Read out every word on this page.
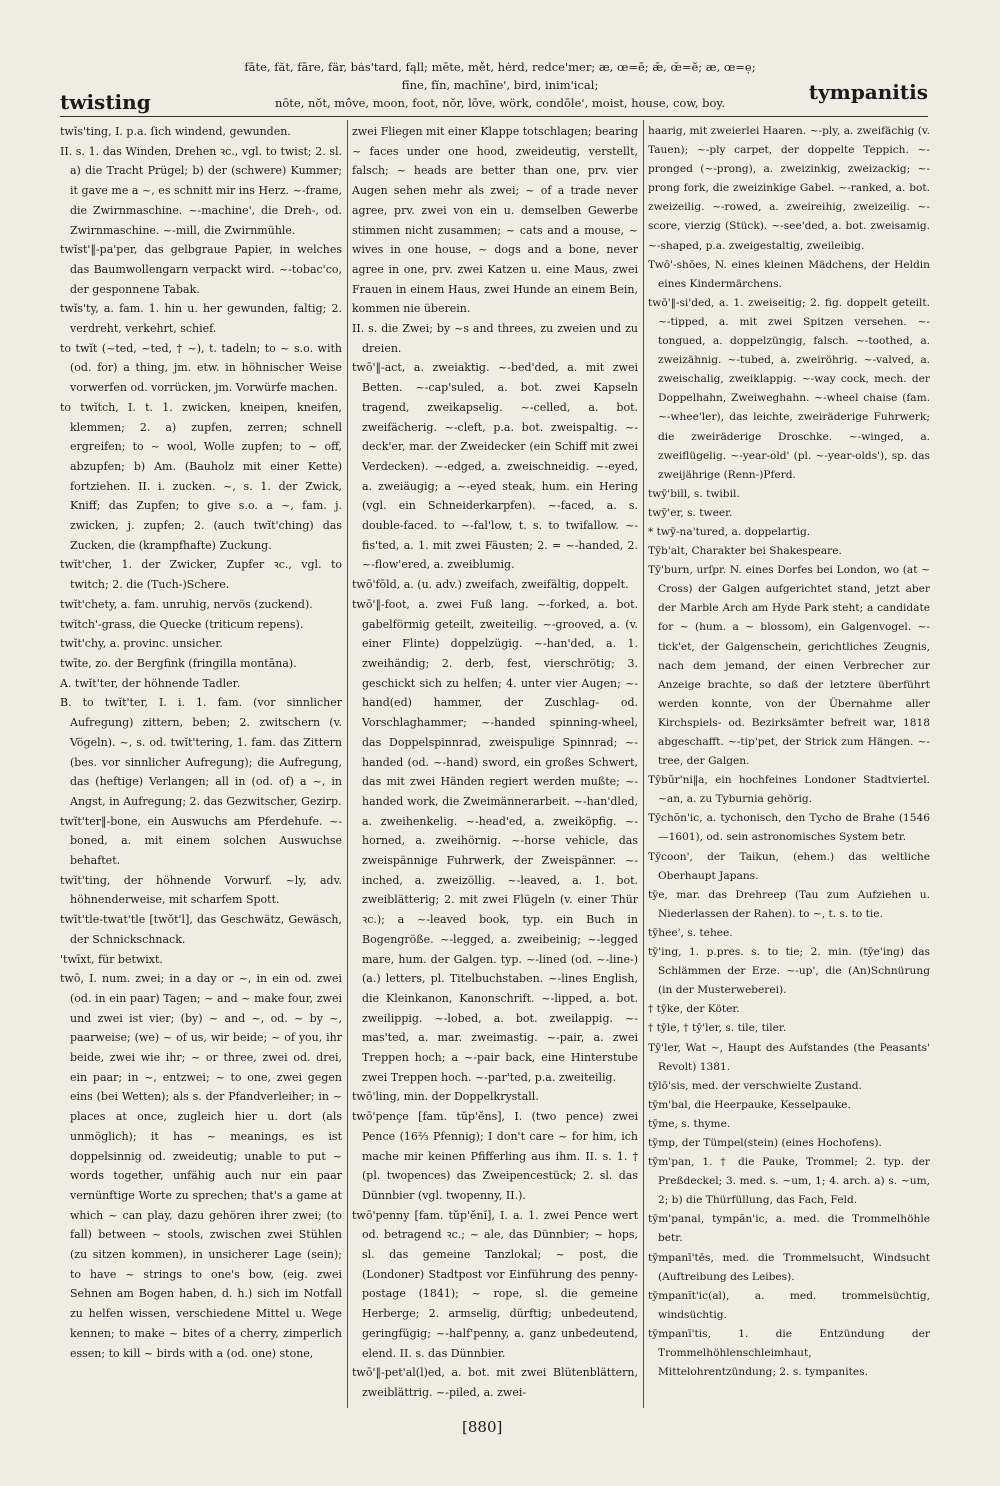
twisting
fāte, făt, fāre, fär, bȧs'tard, fąll; mēte, mět, hėrd, redce'mer; æ, œ=ē; æ̆, œ̆=ĕ; æ, œ=ẹ;
fīne, fĭn, machīne', bird, inim'ical;
nōte, nŏt, môve, moon, foot, nŏr, lōve, wörk, condōle', moist, house, cow, boy.	tympanitis

twĭs'ting, I. p.a. ſich windend, gewunden.

II. s. 1. das Winden, Drehen ꝛc., vgl. to twist; 2. sl. a) die Tracht Prügel; b) der (schwere) Kummer; it gave me a ~, es schnitt mir ins Herz. ~-frame, die Zwirnmaschine. ~-machine', die Dreh-, od. Zwirnmaschine. ~-mill, die Zwirnmühle.

twĭst'‖-pa'per, das gelbgraue Papier, in welches das Baumwollengarn verpackt wird. ~-tobac'co, der gesponnene Tabak.

twĭs'ty, a. fam. 1. hin u. her gewunden, faltig; 2. verdreht, verkehrt, schief.

to twĭt (~ted, ~ted, † ~), t. tadeln; to ~ s.o. with (od. for) a thing, jm. etw. in höhnischer Weise vorwerfen od. vorrücken, jm. Vorwürfe machen.

to twĭtch, I. t. 1. zwicken, kneipen, kneifen, klemmen; 2. a) zupfen, zerren; schnell ergreifen; to ~ wool, Wolle zupfen; to ~ off, abzupfen; b) Am. (Bauholz mit einer Kette) fortziehen. II. i. zucken. ~, s. 1. der Zwick, Kniff; das Zupfen; to give s.o. a ~, fam. j. zwicken, j. zupfen; 2. (auch twĭt'ching) das Zucken, die (krampfhafte) Zuckung.

twĭt'cher, 1. der Zwicker, Zupfer ꝛc., vgl. to twitch; 2. die (Tuch-)Schere.

twĭt'chety, a. fam. unruhig, nervös (zuckend).

twĭtch'-grass, die Quecke (triticum repens).

twĭt'chy, a. provinc. unsicher.

twīte, zo. der Bergfink (fringilla montāna).

A. twĭt'ter, der höhnende Tadler.

B. to twĭt'ter, I. i. 1. fam. (vor sinnlicher Aufregung) zittern, beben; 2. zwitschern (v. Vögeln). ~, s. od. twĭt'tering, 1. fam. das Zittern (bes. vor sinnlicher Aufregung); die Aufregung, das (heftige) Verlangen; all in (od. of) a ~, in Angst, in Aufregung; 2. das Gezwitscher, Gezirp.

twĭt'ter‖-bone, ein Auswuchs am Pferdehufe. ~-boned, a. mit einem solchen Auswuchse behaftet.

twĭt'ting, der höhnende Vorwurf. ~ly, adv. höhnenderweise, mit scharfem Spott.

twĭt'tle-twat'tle [twŏt'l], das Geschwätz, Gewäsch, der Schnickschnack.

'twīxt, für betwixt.

twō, I. num. zwei; in a day or ~, in ein od. zwei (od. in ein paar) Tagen; ~ and ~ make four, zwei und zwei ist vier; (by) ~ and ~, od. ~ by ~, paarweise; (we) ~ of us, wir beide; ~ of you, ihr beide, zwei wie ihr; ~ or three, zwei od. drei, ein paar; in ~, entzwei; ~ to one, zwei gegen eins (bei Wetten); als s. der Pfandverleiher; in ~ places at once, zugleich hier u. dort (als unmöglich); it has ~ meanings, es ist doppelsinnig od. zweideutig; unable to put ~ words together, unfähig auch nur ein paar vernünftige Worte zu sprechen; that's a game at which ~ can play, dazu gehören ihrer zwei; (to fall) between ~ stools, zwischen zwei Stühlen (zu sitzen kommen), in unsicherer Lage (sein); to have ~ strings to one's bow, (eig. zwei Sehnen am Bogen haben, d. h.) sich im Notfall zu helfen wissen, verschiedene Mittel u. Wege kennen; to make ~ bites of a cherry, zimperlich essen; to kill ~ birds with a (od. one) stone,

zwei Fliegen mit einer Klappe totschlagen; bearing ~ faces under one hood, zweideutig, verstellt, falsch; ~ heads are better than one, prv. vier Augen sehen mehr als zwei; ~ of a trade never agree, prv. zwei von ein u. demselben Gewerbe stimmen nicht zusammen; ~ cats and a mouse, ~ wives in one house, ~ dogs and a bone, never agree in one, prv. zwei Katzen u. eine Maus, zwei Frauen in einem Haus, zwei Hunde an einem Bein, kommen nie überein.

II. s. die Zwei; by ~s and threes, zu zweien und zu dreien.

twō'‖-act, a. zweiaktig. ~-bed'ded, a. mit zwei Betten. ~-cap'suled, a. bot. zwei Kapseln tragend, zweikapselig. ~-celled, a. bot. zweifächerig. ~-cleft, p.a. bot. zweispaltig. ~-deck'er, mar. der Zweidecker (ein Schiff mit zwei Verdecken). ~-edged, a. zweischneidig. ~-eyed, a. zweiäugig; a ~-eyed steak, hum. ein Hering (vgl. ein Schneiderkarpfen). ~-faced, a. s. double-faced. to ~-fal'low, t. s. to twifallow. ~-fis'ted, a. 1. mit zwei Fäusten; 2. = ~-handed, 2. ~-flow'ered, a. zweiblumig.

twō'fōld, a. (u. adv.) zweifach, zweifältig, doppelt.

twō'‖-foot, a. zwei Fuß lang. ~-forked, a. bot. gabelförmig geteilt, zweiteilig. ~-grooved, a. (v. einer Flinte) doppelzügig. ~-han'ded, a. 1. zweihändig; 2. derb, fest, vierschrötig; 3. geschickt sich zu helfen; 4. unter vier Augen; ~-hand(ed) hammer, der Zuschlag- od. Vorschlaghammer; ~-handed spinning-wheel, das Doppelspinnrad, zweispulige Spinnrad; ~-handed (od. ~-hand) sword, ein großes Schwert, das mit zwei Händen regiert werden mußte; ~-handed work, die Zweimännerarbeit. ~-han'dled, a. zweihenkelig. ~-head'ed, a. zweiköpfig. ~-horned, a. zweihörnig. ~-horse vehicle, das zweispännige Fuhrwerk, der Zweispänner. ~-inched, a. zweizöllig. ~-leaved, a. 1. bot. zweiblätterig; 2. mit zwei Flügeln (v. einer Thür ꝛc.); a ~-leaved book, typ. ein Buch in Bogengröße. ~-legged, a. zweibeinig; ~-legged mare, hum. der Galgen. typ. ~-lined (od. ~-line-) (a.) letters, pl. Titelbuchstaben. ~-lines English, die Kleinkanon, Kanonschrift. ~-lipped, a. bot. zweilippig. ~-lobed, a. bot. zweilappig. ~-mas'ted, a. mar. zweimastig. ~-pair, a. zwei Treppen hoch; a ~-pair back, eine Hinterstube zwei Treppen hoch. ~-par'ted, p.a. zweiteilig.

twō'ling, min. der Doppelkrystall.

twō'pençe [fam. tŭp'ĕns], I. (two pence) zwei Pence (16⅔ Pfennig); I don't care ~ for him, ich mache mir keinen Pfifferling aus ihm. II. s. 1. † (pl. twopences) das Zweipencestück; 2. sl. das Dünnbier (vgl. twopenny, II.).

twō'penny [fam. tŭp'ĕnĭ], I. a. 1. zwei Pence wert od. betragend ꝛc.; ~ ale, das Dünnbier; ~ hops, sl. das gemeine Tanzlokal; ~ post, die (Londoner) Stadtpost vor Einführung des penny-postage (1841); ~ rope, sl. die gemeine Herberge; 2. armselig, dürftig; unbedeutend, geringfügig; ~-half'penny, a. ganz unbedeutend, elend. II. s. das Dünnbier.

twō'‖-pet'al(l)ed, a. bot. mit zwei Blütenblättern, zweiblättrig. ~-piled, a. zwei-

haarig, mit zweierlei Haaren. ~-ply, a. zweifächig (v. Tauen); ~-ply carpet, der doppelte Teppich. ~-pronged (~-prong), a. zweizinkig, zweizackig; ~-prong fork, die zweizinkige Gabel. ~-ranked, a. bot. zweizeilig. ~-rowed, a. zweireihig, zweizeilig. ~-score, vierzig (Stück). ~-see'ded, a. bot. zweisamig. ~-shaped, p.a. zweigestaltig, zweileibig.

Twō'-shōes, N. eines kleinen Mädchens, der Heldin eines Kindermärchens.

twō'‖-si'ded, a. 1. zweiseitig; 2. fig. doppelt geteilt. ~-tipped, a. mit zwei Spitzen versehen. ~-tongued, a. doppelzüngig, falsch. ~-toothed, a. zweizähnig. ~-tubed, a. zweiröhrig. ~-valved, a. zweischalig, zweiklappig. ~-way cock, mech. der Doppelhahn, Zweiweghahn. ~-wheel chaise (fam. ~-whee'ler), das leichte, zweiräderige Fuhrwerk; die zweiräderige Droschke. ~-winged, a. zweiflügelig. ~-year-old' (pl. ~-year-olds'), sp. das zweijährige (Renn-)Pferd.

twȳ'bill, s. twibil.

twȳ'er, s. tweer.

* twȳ-na'tured, a. doppelartig.

Tȳb'alt, Charakter bei Shakespeare.

Tȳ'burn, urſpr. N. eines Dorfes bei London, wo (at ~ Cross) der Galgen aufgerichtet stand, jetzt aber der Marble Arch am Hyde Park steht; a candidate for ~ (hum. a ~ blossom), ein Galgenvogel. ~-tick'et, der Galgenschein, gerichtliches Zeugnis, nach dem jemand, der einen Verbrecher zur Anzeige brachte, so daß der letztere überführt werden konnte, von der Übernahme aller Kirchspiels- od. Bezirksämter befreit war, 1818 abgeschafft. ~-tip'pet, der Strick zum Hängen. ~-tree, der Galgen.

Tȳbŭr'ni‖a, ein hochfeines Londoner Stadtviertel. ~an, a. zu Tyburnia gehörig.

Tȳchŏn'ic, a. tychonisch, den Tycho de Brahe (1546—1601), od. sein astronomisches System betr.

Tȳcoon', der Taikun, (ehem.) das weltliche Oberhaupt Japans.

tȳe, mar. das Drehreep (Tau zum Aufziehen u. Niederlassen der Rahen). to ~, t. s. to tie.

tȳhee', s. tehee.

tȳ'ing, 1. p.pres. s. to tie; 2. min. (tȳe'ing) das Schlämmen der Erze. ~-up', die (An)Schnürung (in der Musterweberei).

† tȳke, der Köter.

† tȳle, † tȳ'ler, s. tile, tiler.

Tȳ'ler, Wat ~, Haupt des Aufstandes (the Peasants' Revolt) 1381.

tȳlō'sis, med. der verschwielte Zustand.

tȳm'bal, die Heerpauke, Kesselpauke.

tȳme, s. thyme.

tȳmp, der Tümpel(stein) (eines Hochofens).

tȳm'pan, 1. † die Pauke, Trommel; 2. typ. der Preßdeckel; 3. med. s. ~um, 1; 4. arch. a) s. ~um, 2; b) die Thürfüllung, das Fach, Feld.

tȳm'panal, tympăn'ic, a. med. die Trommelhöhle betr.

tȳmpanī'tēs, med. die Trommelsucht, Windsucht (Auftreibung des Leibes).

tȳmpanĭt'ic(al), a. med. trommelsüchtig, windsüchtig.

tȳmpanī'tis, 1. die Entzündung der Trommelhöhlenschleimhaut, Mittelohrentzündung; 2. s. tympanites.

[880]
